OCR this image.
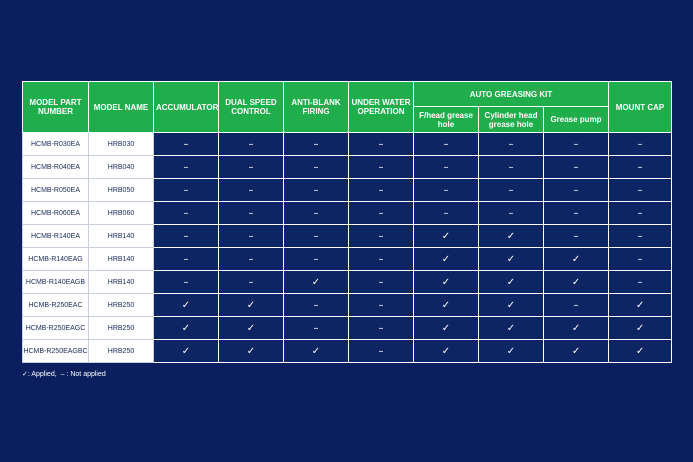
MODEL PART NUMBER	MODEL NAME	ACCUMULATOR	DUAL SPEED CONTROL	ANTI-BLANK FIRING	UNDER WATER OPERATION	AUTO GREASING KIT			MOUNT CAP
						F/head grease hole	Cylinder head grease hole	Grease pump	
HCMB-R030EA	HRB030	–	–	–	–	–	–	–	–
HCMB-R040EA	HRB040	–	–	–	–	–	–	–	–
HCMB-R050EA	HRB050	–	–	–	–	–	–	–	–
HCMB-R060EA	HRB060	–	–	–	–	–	–	–	–
HCMB-R140EA	HRB140	–	–	–	–	✓	✓	–	–
HCMB-R140EAG	HRB140	–	–	–	–	✓	✓	✓	–
HCMB-R140EAGB	HRB140	–	–	✓	–	✓	✓	✓	–
HCMB-R250EAC	HRB250	✓	✓	–	–	✓	✓	–	✓
HCMB-R250EAGC	HRB250	✓	✓	–	–	✓	✓	✓	✓
HCMB-R250EAGBC	HRB250	✓	✓	✓	–	✓	✓	✓	✓
✓: Applied, – : Not applied
